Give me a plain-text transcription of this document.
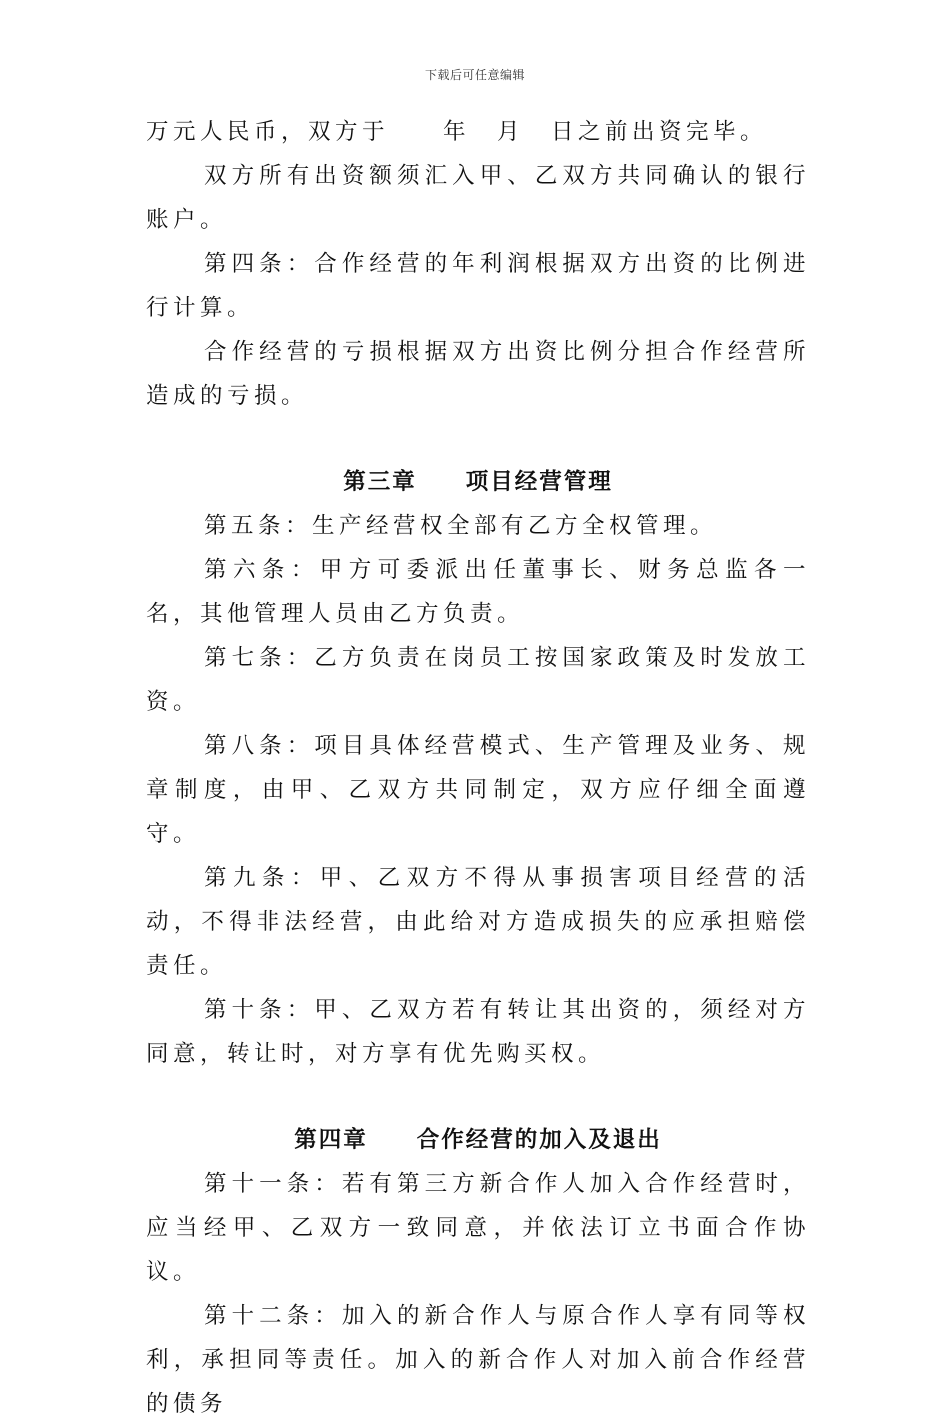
下载后可任意编辑

万元人民币，双方于　　年　月　日之前出资完毕。

双方所有出资额须汇入甲、乙双方共同确认的银行账户。

第四条：合作经营的年利润根据双方出资的比例进行计算。

合作经营的亏损根据双方出资比例分担合作经营所造成的亏损。

第三章　　项目经营管理

第五条：生产经营权全部有乙方全权管理。

第六条：甲方可委派出任董事长、财务总监各一名，其他管理人员由乙方负责。

第七条：乙方负责在岗员工按国家政策及时发放工资。

第八条：项目具体经营模式、生产管理及业务、规章制度，由甲、乙双方共同制定，双方应仔细全面遵守。

第九条：甲、乙双方不得从事损害项目经营的活动，不得非法经营，由此给对方造成损失的应承担赔偿责任。

第十条：甲、乙双方若有转让其出资的，须经对方同意，转让时，对方享有优先购买权。

第四章　　合作经营的加入及退出

第十一条：若有第三方新合作人加入合作经营时，应当经甲、乙双方一致同意，并依法订立书面合作协议。

第十二条：加入的新合作人与原合作人享有同等权利，承担同等责任。加入的新合作人对加入前合作经营的债务
